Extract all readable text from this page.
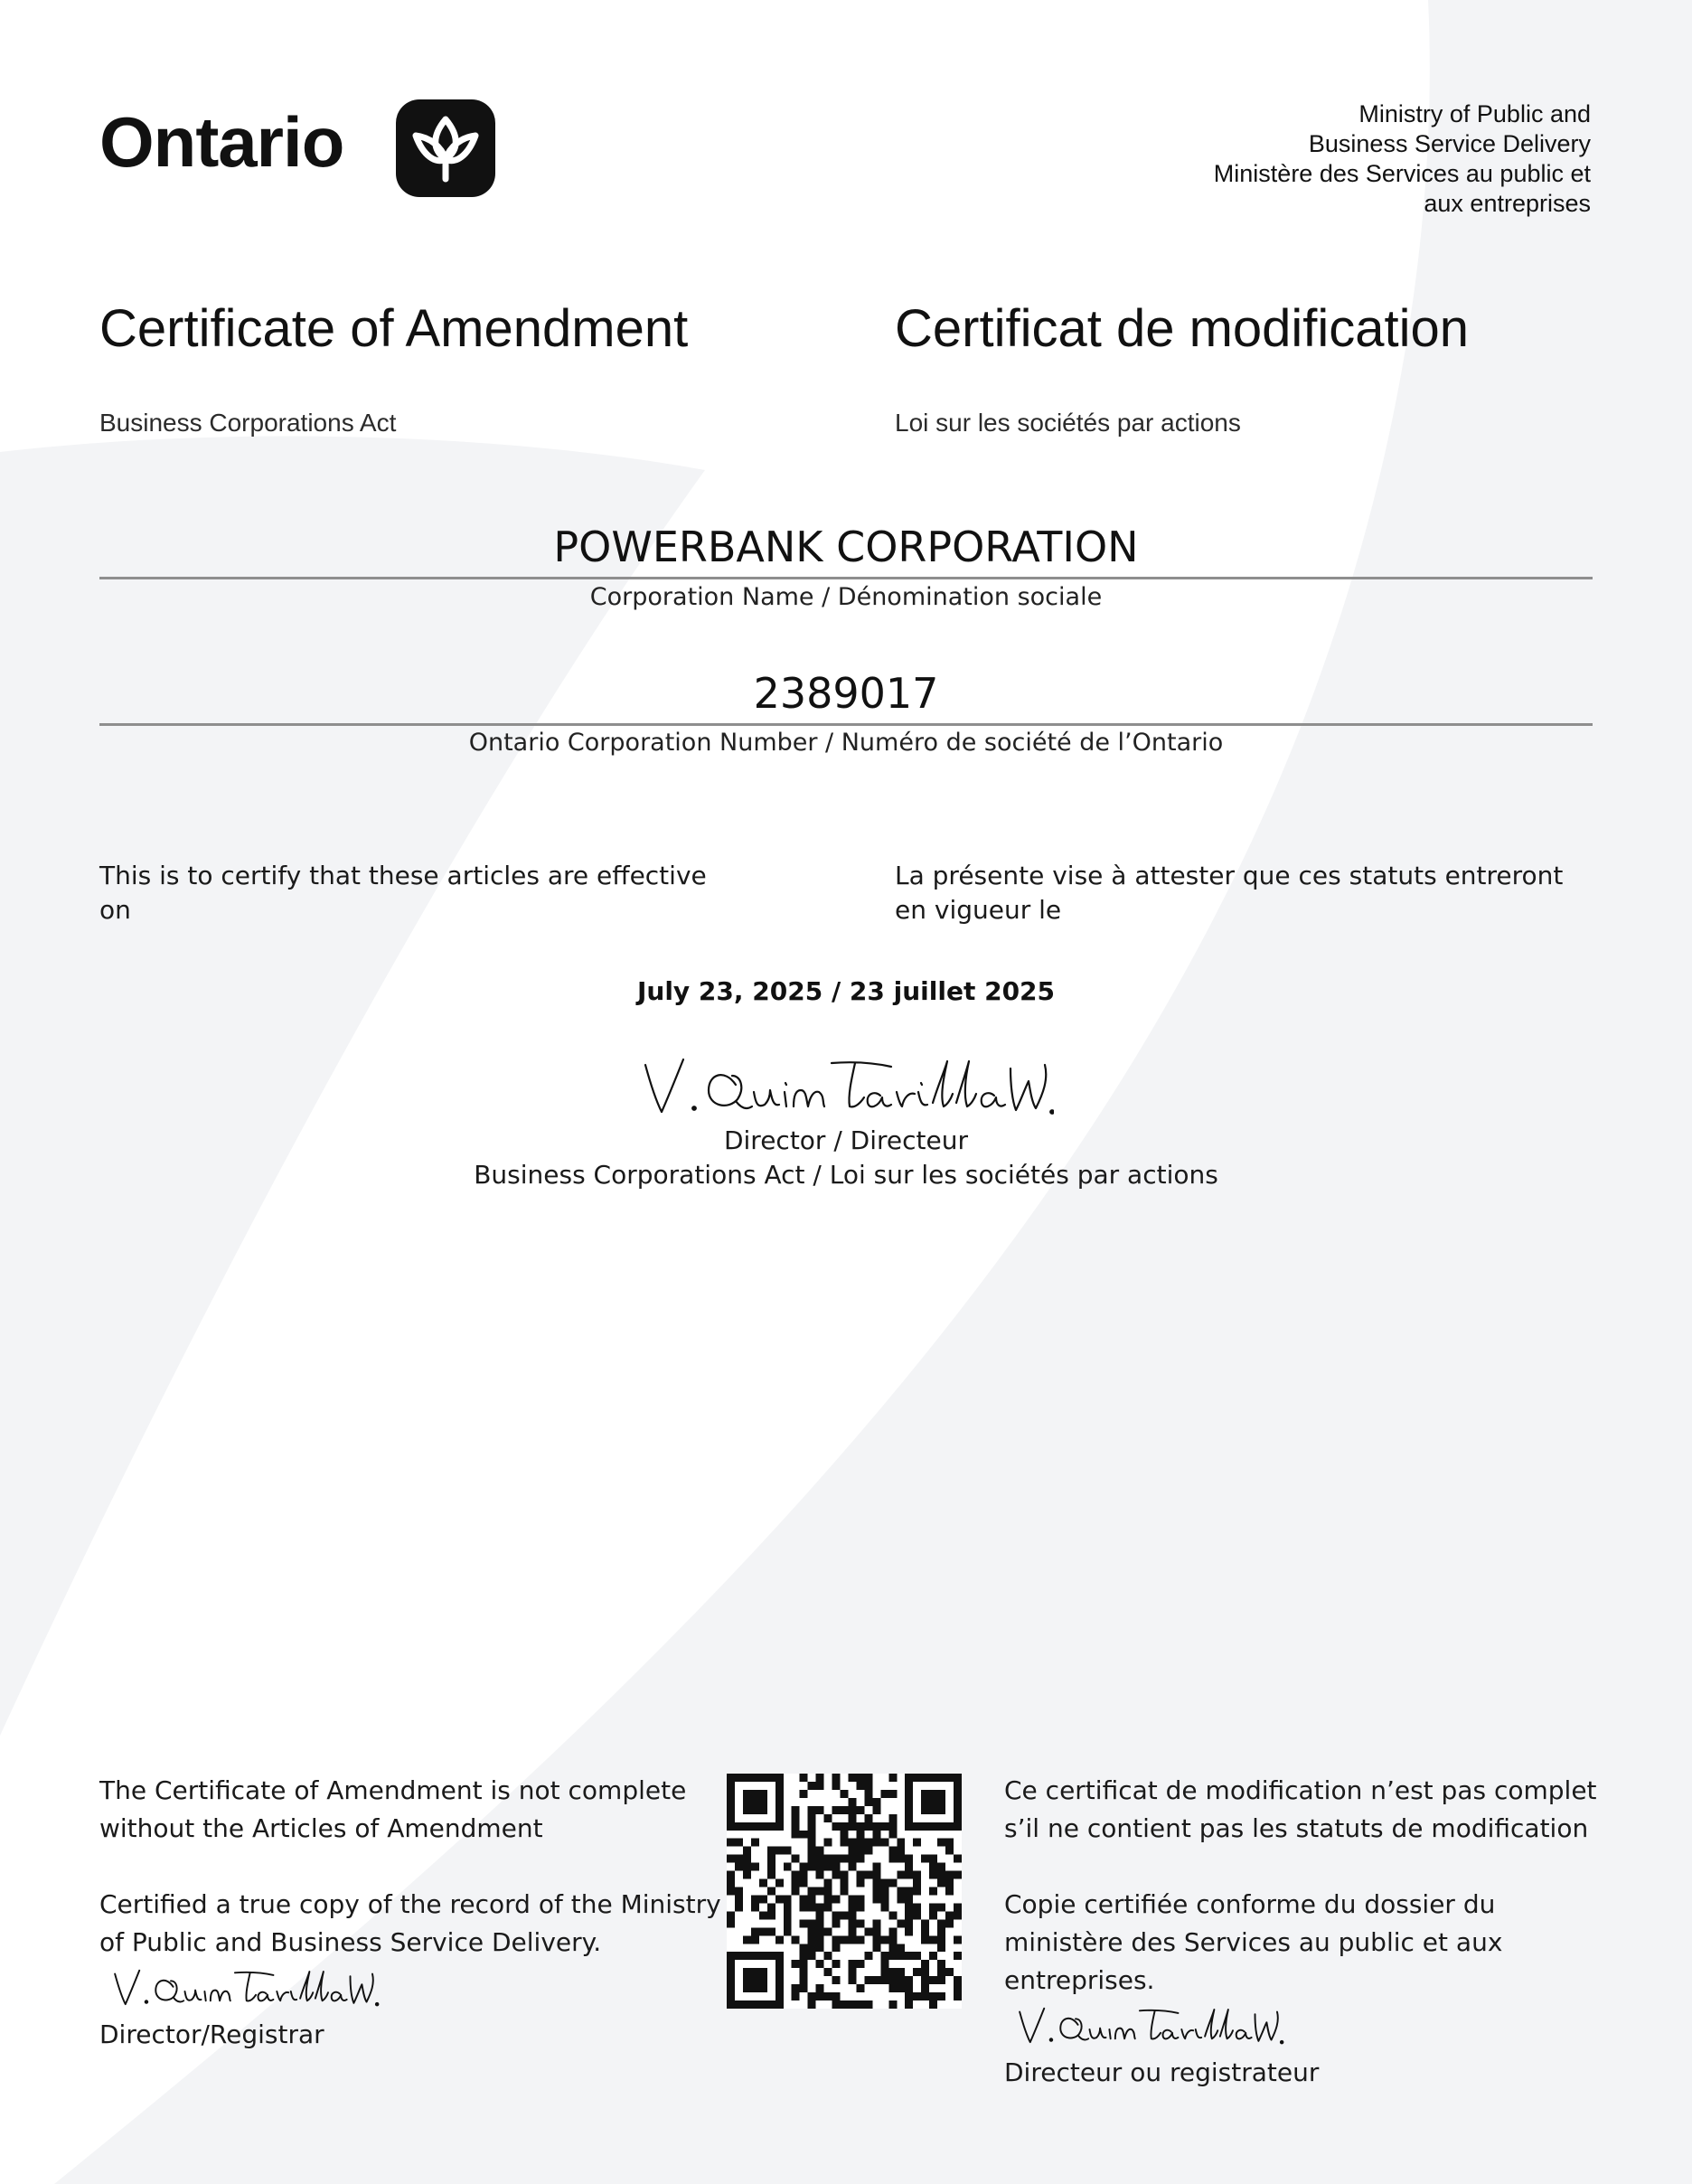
Ontario	Ministry of Public and
Business Service Delivery
Ministère des Services au public et
aux entreprises
Certificate of Amendment	Certificat de modification
Business Corporations Act	Loi sur les sociétés par actions
POWERBANK CORPORATION
Corporation Name / Dénomination sociale
2389017
Ontario Corporation Number / Numéro de société de l’Ontario
This is to certify that these articles are effective on
La présente vise à attester que ces statuts entreront en vigueur le
July 23, 2025 / 23 juillet 2025
Director / Directeur
Business Corporations Act / Loi sur les sociétés par actions

The Certificate of Amendment is not complete without the Articles of Amendment

Certified a true copy of the record of the Ministry of Public and Business Service Delivery.

Director/Registrar

Ce certificat de modification n’est pas complet s’il ne contient pas les statuts de modification

Copie certifiée conforme du dossier du ministère des Services au public et aux entreprises.

Directeur ou registrateur
